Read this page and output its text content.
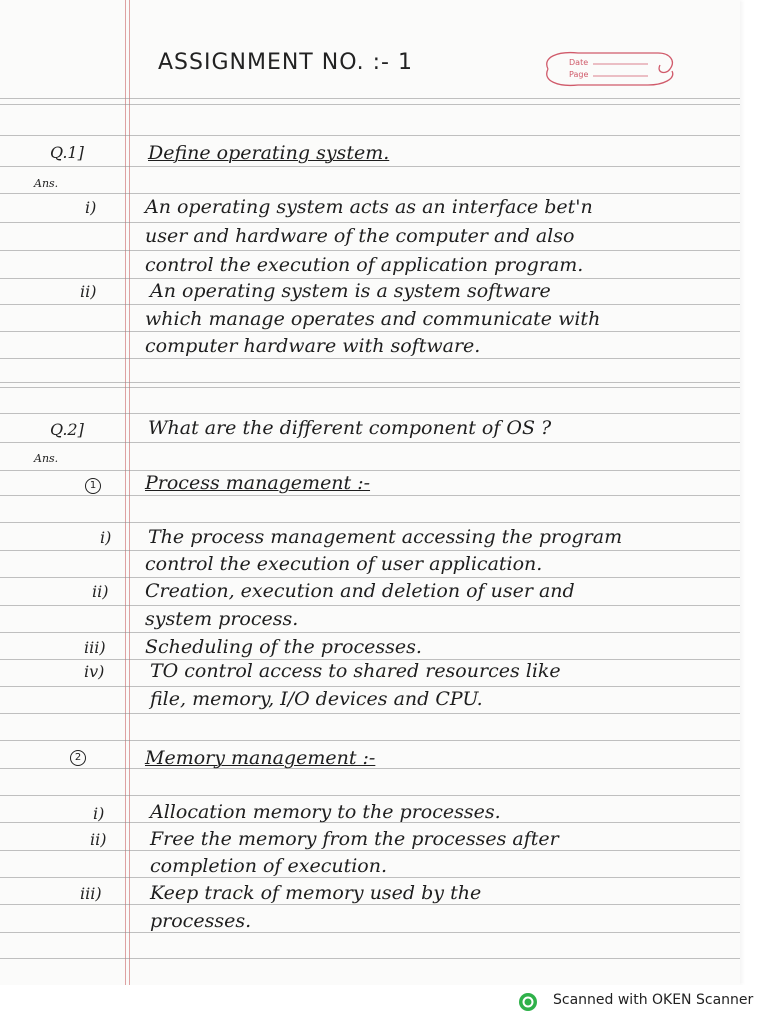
ASSIGNMENT NO. :- 1	Date
Page
Q.1]	Define operating system.
Ans.
i)	An operating system acts as an interface bet'n
user and hardware of the computer and also
control the execution of application program.
ii)	An operating system is a system software
which manage operates and communicate with
computer hardware with software.
Q.2]	What are the different component of OS ?
Ans.
1	Process management :-
i) The process management accessing the program
control the execution of user application.
ii) Creation, execution and deletion of user and
system process.
iii) Scheduling of the processes.
iv) TO control access to shared resources like
file, memory, I/O devices and CPU.
2	Memory management :-
i) Allocation memory to the processes.
ii) Free the memory from the processes after
completion of execution.
iii)	Keep track of memory used by the
processes.
Scanned with OKEN Scanner
